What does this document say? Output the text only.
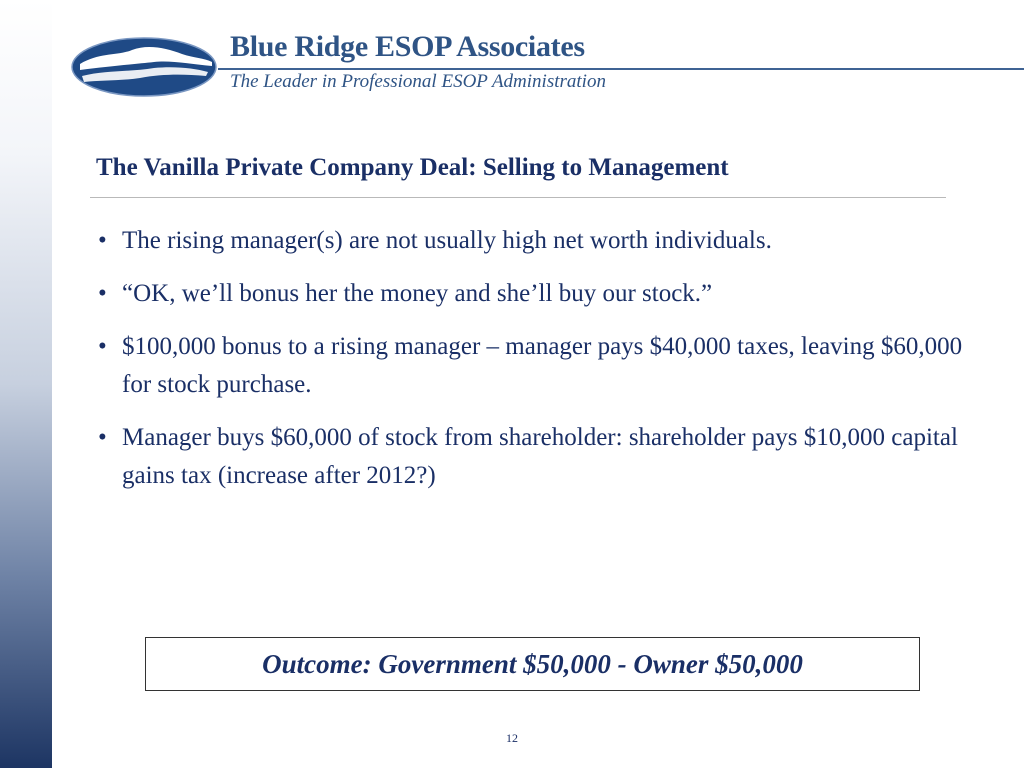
Blue Ridge ESOP Associates
The Leader in Professional ESOP Administration
The Vanilla Private Company Deal: Selling to Management
• The rising manager(s) are not usually high net worth individuals.
• “OK, we’ll bonus her the money and she’ll buy our stock.”
• $100,000 bonus to a rising manager – manager pays $40,000 taxes, leaving $60,000 for stock purchase.
• Manager buys $60,000 of stock from shareholder: shareholder pays $10,000 capital gains tax (increase after 2012?)
Outcome: Government $50,000 - Owner $50,000
12
